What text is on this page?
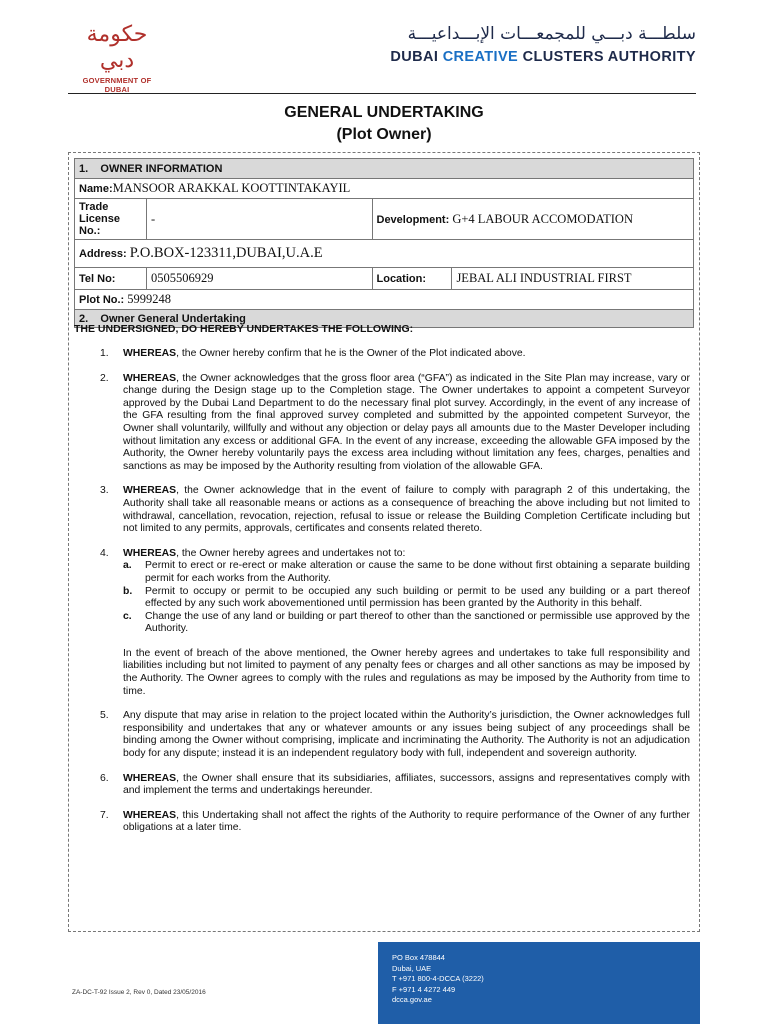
حكومة دبي
GOVERNMENT OF DUBAI
سلطـــة دبـــي للمجمعـــات الإبـــداعيـــة
DUBAI CREATIVE CLUSTERS AUTHORITY
GENERAL UNDERTAKING
(Plot Owner)
1.    OWNER INFORMATION			
Name:MANSOOR ARAKKAL KOOTTINTAKAYIL			

Trade
License No.:	-	Development: G+4 LABOUR ACCOMODATION	
Address: P.O.BOX-123311,DUBAI,U.A.E			
Tel No:	0505506929	Location:	JEBAL ALI INDUSTRIAL FIRST
Plot No.: 5999248			
2.    Owner General Undertaking			
THE UNDERSIGNED, DO HEREBY UNDERTAKES THE FOLLOWING:
1.	WHEREAS, the Owner hereby confirm that he is the Owner of the Plot indicated above.
2.	WHEREAS, the Owner acknowledges that the gross floor area (“GFA”) as indicated in the Site Plan may increase, vary or change during the Design stage up to the Completion stage. The Owner undertakes to appoint a competent Surveyor approved by the Dubai Land Department to do the necessary final plot survey. Accordingly, in the event of any increase of the GFA resulting from the final approved survey completed and submitted by the appointed competent Surveyor, the Owner shall voluntarily, willfully and without any objection or delay pays all amounts due to the Master Developer including without limitation any excess or additional GFA. In the event of any increase, exceeding the allowable GFA imposed by the Authority, the Owner hereby voluntarily pays the excess area including without limitation any fees, charges, penalties and sanctions as may be imposed by the Authority resulting from violation of the allowable GFA.
3.	WHEREAS, the Owner acknowledge that in the event of failure to comply with paragraph 2 of this undertaking, the Authority shall take all reasonable means or actions as a consequence of breaching the above including but not limited to withdrawal, cancellation, revocation, rejection, refusal to issue or release the Building Completion Certificate including but not limited to any permits, approvals, certificates and consents related thereto.
4.	WHEREAS, the Owner hereby agrees and undertakes not to:
a.	Permit to erect or re-erect or make alteration or cause the same to be done without first obtaining a separate building permit for each works from the Authority.
b.	Permit to occupy or permit to be occupied any such building or permit to be used any building or a part thereof effected by any such work abovementioned until permission has been granted by the Authority in this behalf.
c.	Change the use of any land or building or part thereof to other than the sanctioned or permissible use approved by the Authority.
In the event of breach of the above mentioned, the Owner hereby agrees and undertakes to take full responsibility and liabilities including but not limited to payment of any penalty fees or charges and all other sanctions as may be imposed by the Authority. The Owner agrees to comply with the rules and regulations as may be imposed by the Authority from time to time.
5.	Any dispute that may arise in relation to the project located within the Authority’s jurisdiction, the Owner acknowledges full responsibility and undertakes that any or whatever amounts or any issues being subject of any proceedings shall be binding among the Owner without comprising, implicate and incriminating the Authority. The Authority is not an adjudication body for any dispute; instead it is an independent regulatory body with full, independent and sovereign authority.
6.	WHEREAS, the Owner shall ensure that its subsidiaries, affiliates, successors, assigns and representatives comply with and implement the terms and undertakings hereunder.
7.	WHEREAS, this Undertaking shall not affect the rights of the Authority to require performance of the Owner of any further obligations at a later time.
ZA-DC-T-92 Issue 2, Rev 0, Dated 23/05/2016
PO Box 478844
Dubai, UAE
T +971 800-4-DCCA (3222)
F +971 4 4272 449
dcca.gov.ae
